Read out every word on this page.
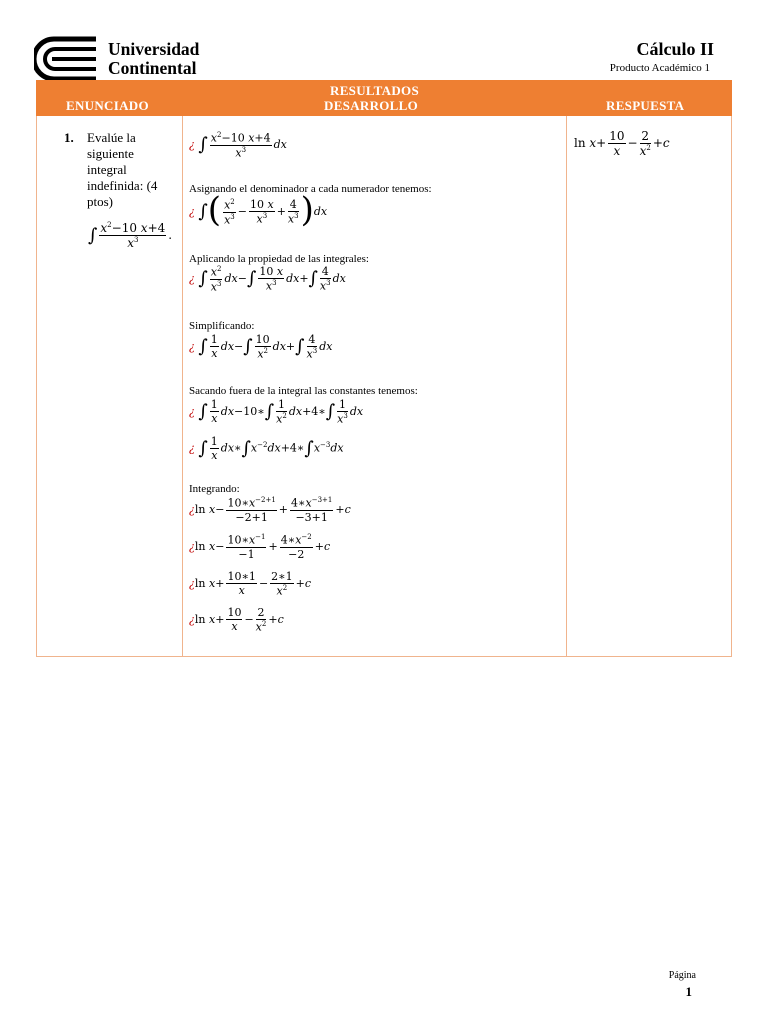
Universidad
Continental
Cálculo II
Producto Académico 1
ENUNCIADO
RESULTADOS
DESARROLLO	RESPUESTA
1. Evalúe la siguiente integral indefinida: (4 ptos)
∫ $\frac{x^2-10 x+4}{x^3}$ .
¿ ∫ $\frac{x^2-10 x+4}{x^3}$ dx
Asignando el denominador a cada numerador tenemos:
¿ ∫( $\frac{x^2}{x^3} - \frac{10 x}{x^3} + \frac{4}{x^3} )dx$
Aplicando la propiedad de las integrales:
¿ ∫ $\frac{x^2}{x^3} dx-\int \frac{10 x}{x^3} dx+\int \frac{4}{x^3}$ dx
Simplificando:
¿ ∫ $\frac{1}{x} dx-\int \frac{10}{x^2} dx+\int \frac{4}{x^3}$ dx
Sacando fuera de la integral las constantes tenemos:
¿ ∫ $\frac{1}{x}$ dx−10∗∫ $\frac{1}{x^2}$ dx+4∗∫ $\frac{1}{x^3}$ dx
¿ ∫ $\frac{1}{x}$ $dx∗\int x^{-2}dx+4∗\int x^{-3}dx$
Integrando:
¿ln $x- \frac{10∗x^{-2+1}}{-2+1} + \frac{4∗x^{-3+1}}{-3+1} +c$
¿ln $x- \frac{10∗x^{-1}}{-1} + \frac{4∗x^{-2}}{-2} +c$
¿ln $x+ \frac{10∗1}{x} - \frac{2∗1}{x^2} +c$
¿ln $x+ \frac{10}{x} - \frac{2}{x^2} +c$
$\ln x+ \frac{10}{x} - \frac{2}{x^2} +c$
Página
1
